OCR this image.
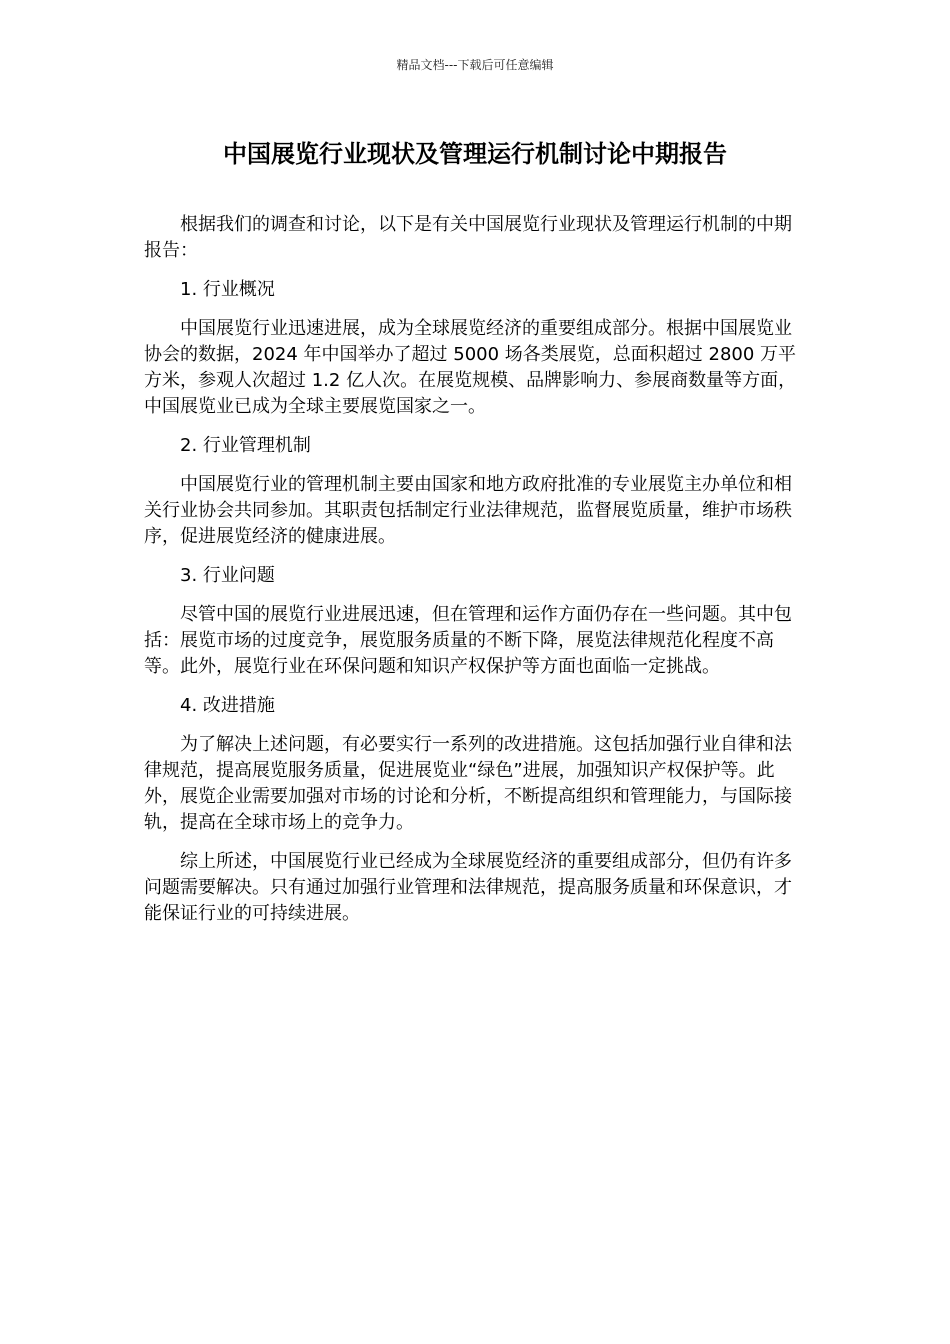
精品文档---下载后可任意编辑
中国展览行业现状及管理运行机制讨论中期报告

根据我们的调查和讨论，以下是有关中国展览行业现状及管理运行机制的中期报告：

1. 行业概况

中国展览行业迅速进展，成为全球展览经济的重要组成部分。根据中国展览业协会的数据，2024 年中国举办了超过 5000 场各类展览，总面积超过 2800 万平方米，参观人次超过 1.2 亿人次。在展览规模、品牌影响力、参展商数量等方面，中国展览业已成为全球主要展览国家之一。

2. 行业管理机制

中国展览行业的管理机制主要由国家和地方政府批准的专业展览主办单位和相关行业协会共同参加。其职责包括制定行业法律规范，监督展览质量，维护市场秩序，促进展览经济的健康进展。

3. 行业问题

尽管中国的展览行业进展迅速，但在管理和运作方面仍存在一些问题。其中包括：展览市场的过度竞争，展览服务质量的不断下降，展览法律规范化程度不高等。此外，展览行业在环保问题和知识产权保护等方面也面临一定挑战。

4. 改进措施

为了解决上述问题，有必要实行一系列的改进措施。这包括加强行业自律和法律规范，提高展览服务质量，促进展览业“绿色”进展，加强知识产权保护等。此外，展览企业需要加强对市场的讨论和分析，不断提高组织和管理能力，与国际接轨，提高在全球市场上的竞争力。

综上所述，中国展览行业已经成为全球展览经济的重要组成部分，但仍有许多问题需要解决。只有通过加强行业管理和法律规范，提高服务质量和环保意识，才能保证行业的可持续进展。
